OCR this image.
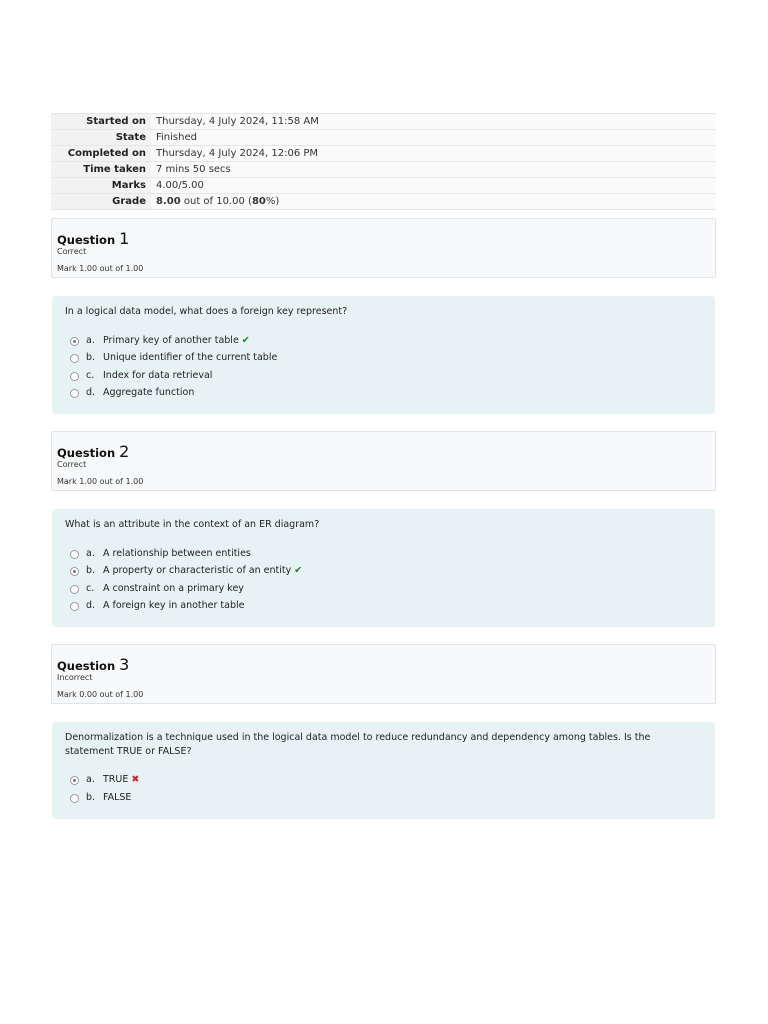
Started on	Thursday, 4 July 2024, 11:58 AM
State	Finished
Completed on	Thursday, 4 July 2024, 12:06 PM
Time taken	7 mins 50 secs
Marks	4.00/5.00
Grade	8.00 out of 10.00 (80%)
Question 1
Correct
Mark 1.00 out of 1.00
In a logical data model, what does a foreign key represent?
a. Primary key of another table ✔
b. Unique identifier of the current table
c. Index for data retrieval
d. Aggregate function
Question 2
Correct
Mark 1.00 out of 1.00
What is an attribute in the context of an ER diagram?
a. A relationship between entities
b. A property or characteristic of an entity ✔
c. A constraint on a primary key
d. A foreign key in another table
Question 3
Incorrect
Mark 0.00 out of 1.00
Denormalization is a technique used in the logical data model to reduce redundancy and dependency among tables. Is the statement TRUE or FALSE?
a. TRUE ✖
b. FALSE
